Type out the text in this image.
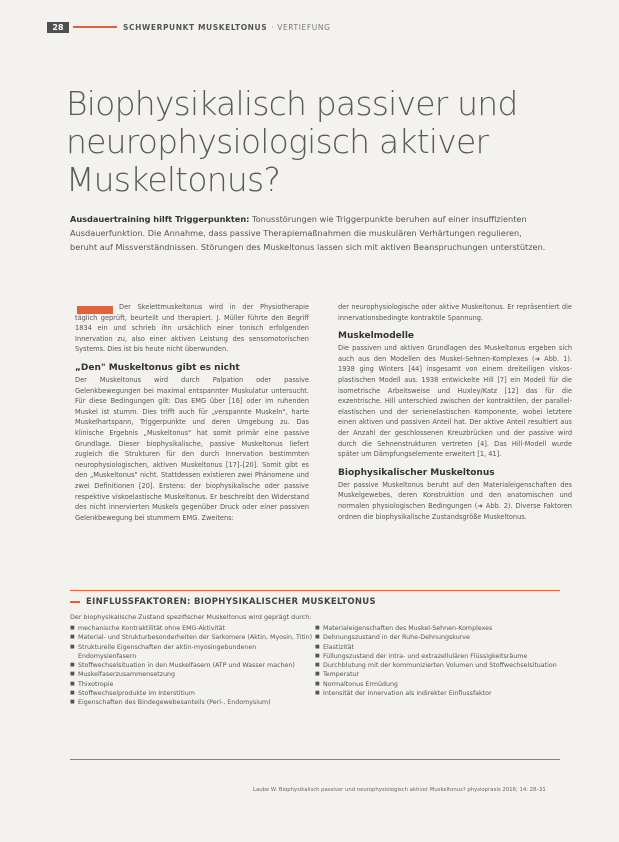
28	SCHWERPUNKT MUSKELTONUS · VERTIEFUNG
Biophysikalisch passiver und neurophysiologisch aktiver Muskeltonus?

Ausdauertraining hilft Triggerpunkten: Tonusstörungen wie Triggerpunkte beruhen auf einer insuffizienten Ausdauerfunktion. Die Annahme, dass passive Therapiemaßnahmen die muskulären Verhärtungen regulieren, beruht auf Missverständnissen. Störungen des Muskeltonus lassen sich mit aktiven Beanspruchungen unterstützen.

Der Skelettmuskeltonus wird in der Physiotherapie täglich geprüft, beurteilt und therapiert. J. Müller führte den Begriff 1834 ein und schrieb ihn ursächlich einer tonisch erfolgenden Innervation zu, also einer aktiven Leistung des sensomotorischen Systems. Dies ist bis heute nicht überwunden.

„Den" Muskeltonus gibt es nicht

Der Muskeltonus wird durch Palpation oder passive Gelenkbewegungen bei maximal entspannter Muskulatur untersucht. Für diese Bedingungen gilt: Das EMG über [16] oder im ruhenden Muskel ist stumm. Dies trifft auch für „verspannte Muskeln", harte Muskelhartspann, Triggerpunkte und deren Umgebung zu. Das klinische Ergebnis „Muskeltonus" hat somit primär eine passive Grundlage. Dieser biophysikalische, passive Muskeltonus liefert zugleich die Strukturen für den durch Innervation bestimmten neurophysiologischen, aktiven Muskeltonus [17]–[20]. Somit gibt es den „Muskeltonus" nicht. Stattdessen existieren zwei Phänomene und zwei Definitionen [20]. Erstens: der biophysikalische oder passive respektive viskoelastische Muskeltonus. Er beschreibt den Widerstand des nicht innervierten Muskels gegenüber Druck oder einer passiven Gelenkbewegung bei stummem EMG. Zweitens:

der neurophysiologische oder aktive Muskeltonus. Er repräsentiert die innervationsbedingte kontraktile Spannung.

Muskelmodelle

Die passiven und aktiven Grundlagen des Muskeltonus ergeben sich auch aus den Modellen des Muskel-Sehnen-Komplexes (➜ Abb. 1). 1938 ging Winters [44] insgesamt von einem dreiteiligen viskos-plastischen Modell aus. 1938 entwickelte Hill [7] ein Modell für die isometrische Arbeitsweise und Huxley/Katz [12] das für die exzentrische. Hill unterschied zwischen der kontraktilen, der parallel-elastischen und der serienelastischen Komponente, wobei letztere einen aktiven und passiven Anteil hat. Der aktive Anteil resultiert aus der Anzahl der geschlossenen Kreuzbrücken und der passive wird durch die Sehnenstrukturen vertreten [4]. Das Hill-Modell wurde später um Dämpfungselemente erweitert [1, 41].

Biophysikalischer Muskeltonus

Der passive Muskeltonus beruht auf den Materialeigenschaften des Muskelgewebes, deren Konstruktion und den anatomischen und normalen physiologischen Bedingungen (➜ Abb. 2). Diverse Faktoren ordnen die biophysikalische Zustandsgröße Muskeltonus.

EINFLUSSFAKTOREN: BIOPHYSIKALISCHER MUSKELTONUS

Der biophysikalische Zustand spezifischer Muskeltonus wird geprägt durch:

■ mechanische Kontraktilität ohne EMG-Aktivität
■ Material- und Strukturbesonderheiten der Sarkomere (Aktin, Myosin, Titin)
■ Strukturelle Eigenschaften der aktin-myosingebundenen Endomysienfasern
■ Stoffwechselsituation in den Muskelfasern (ATP und Wasser machen)
■ Muskelfaserzusammensetzung
■ Thixotropie
■ Stoffwechselprodukte im Interstitium
■ Eigenschaften des Bindegewebesanteils (Peri-, Endomysium)
■ Materialeigenschaften des Muskel-Sehnen-Komplexes
■ Dehnungszustand in der Ruhe-Dehnungskurve
■ Elastizität
■ Füllungszustand der intra- und extrazellulären Flüssigkeitsräume
■ Durchblutung mit der kommunizierten Volumen und Stoffwechselsituation
■ Temperatur
■ Normaltonus Ermüdung
■ Intensität der Innervation als indirekter Einflussfaktor
Laube W. Biophysikalisch passiver und neurophysiologisch aktiver Muskeltonus? physiopraxis 2016; 14: 28–31
